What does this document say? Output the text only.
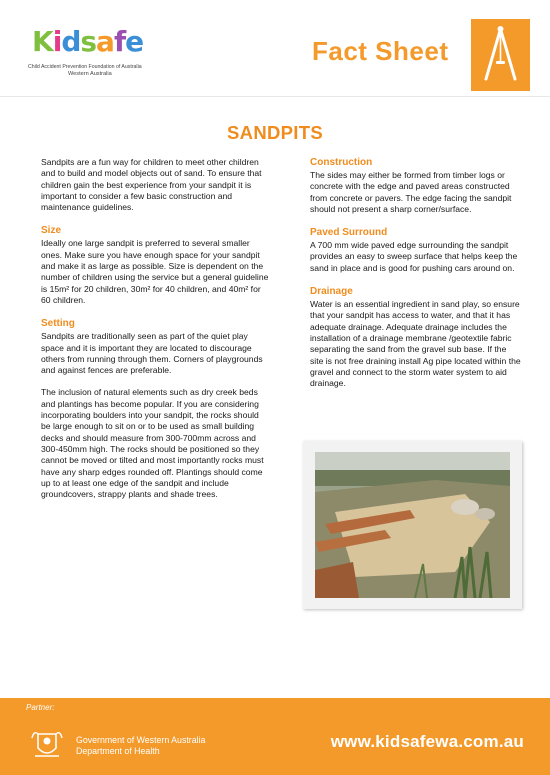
Kidsafe
Child Accident Prevention Foundation of Australia
Western Australia
Fact Sheet
SANDPITS

Sandpits are a fun way for children to meet other children and to build and model objects out of sand. To ensure that children gain the best experience from your sandpit it is important to consider a few basic construction and maintenance guidelines.

Size

Ideally one large sandpit is preferred to several smaller ones. Make sure you have enough space for your sandpit and make it as large as possible. Size is dependent on the number of children using the service but a general guideline is 15m² for 20 children, 30m² for 40 children, and 40m² for 60 children.

Setting

Sandpits are traditionally seen as part of the quiet play space and it is important they are located to discourage others from running through them. Corners of playgrounds and against fences are preferable.

The inclusion of natural elements such as dry creek beds and plantings has become popular. If you are considering incorporating boulders into your sandpit, the rocks should be large enough to sit on or to be used as small building decks and should measure from 300-700mm across and 300-450mm high. The rocks should be positioned so they cannot be moved or tilted and most importantly rocks must have any sharp edges rounded off. Plantings should come up to at least one edge of the sandpit and include groundcovers, strappy plants and shade trees.

Construction

The sides may either be formed from timber logs or concrete with the edge and paved areas constructed from concrete or pavers. The edge facing the sandpit should not present a sharp corner/surface.

Paved Surround

A 700 mm wide paved edge surrounding the sandpit provides an easy to sweep surface that helps keep the sand in place and is good for pushing cars around on.

Drainage

Water is an essential ingredient in sand play, so ensure that your sandpit has access to water, and that it has adequate drainage. Adequate drainage includes the installation of a drainage membrane /geotextile fabric separating the sand from the gravel sub base. If the site is not free draining install Ag pipe located within the gravel and connect to the storm water system to aid drainage.

Partner:
Government of Western Australia
Department of Health	www.kidsafewa.com.au
